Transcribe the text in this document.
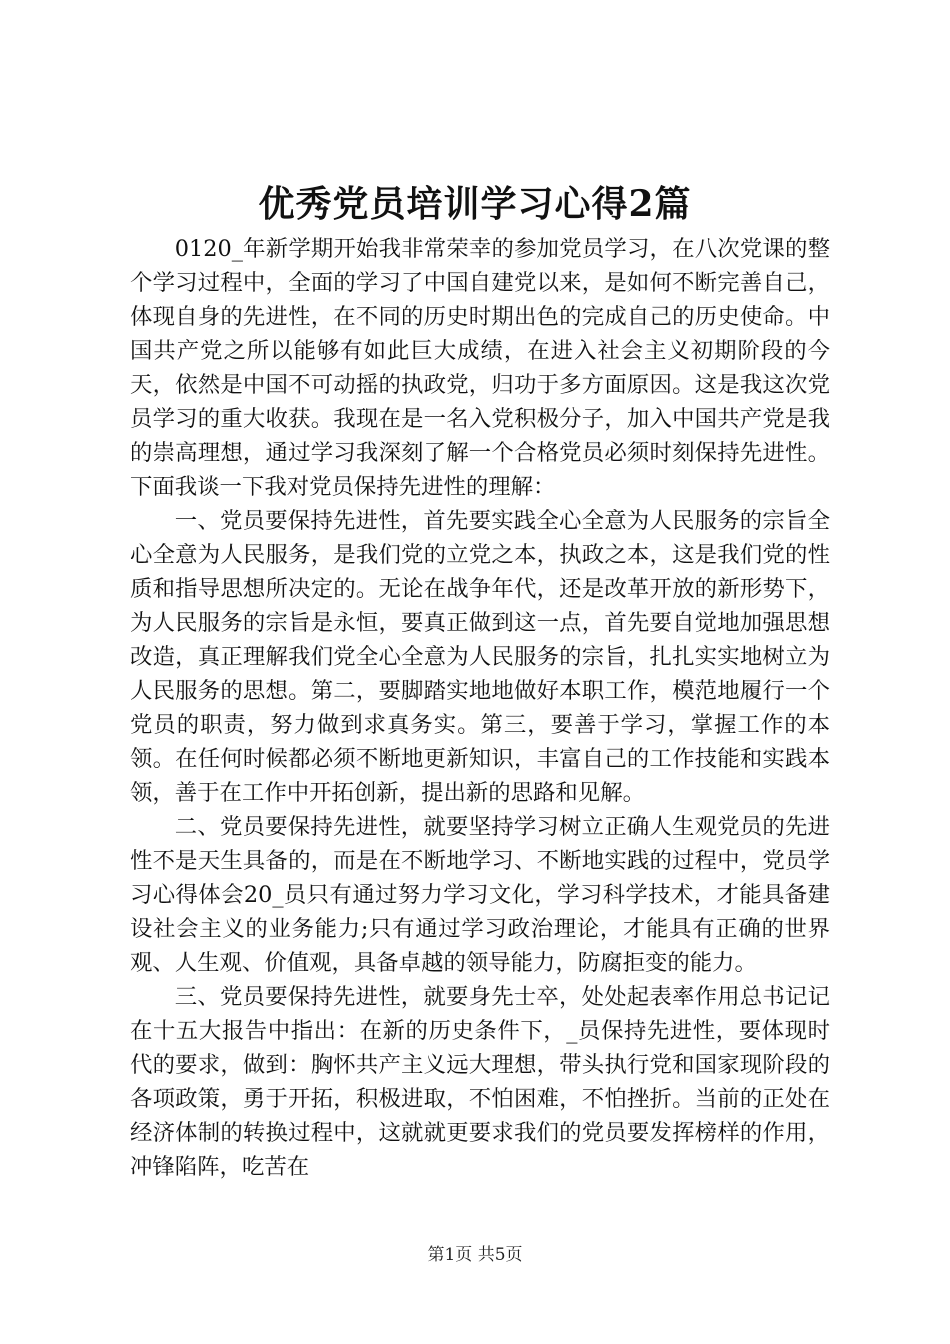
优秀党员培训学习心得2篇

0120_年新学期开始我非常荣幸的参加党员学习，在八次党课的整个学习过程中，全面的学习了中国自建党以来，是如何不断完善自己，体现自身的先进性，在不同的历史时期出色的完成自己的历史使命。中国共产党之所以能够有如此巨大成绩，在进入社会主义初期阶段的今天，依然是中国不可动摇的执政党，归功于多方面原因。这是我这次党员学习的重大收获。我现在是一名入党积极分子，加入中国共产党是我的崇高理想，通过学习我深刻了解一个合格党员必须时刻保持先进性。下面我谈一下我对党员保持先进性的理解：

一、党员要保持先进性，首先要实践全心全意为人民服务的宗旨全心全意为人民服务，是我们党的立党之本，执政之本，这是我们党的性质和指导思想所决定的。无论在战争年代，还是改革开放的新形势下，为人民服务的宗旨是永恒，要真正做到这一点，首先要自觉地加强思想改造，真正理解我们党全心全意为人民服务的宗旨，扎扎实实地树立为人民服务的思想。第二，要脚踏实地地做好本职工作，模范地履行一个党员的职责，努力做到求真务实。第三，要善于学习，掌握工作的本领。在任何时候都必须不断地更新知识，丰富自己的工作技能和实践本领，善于在工作中开拓创新，提出新的思路和见解。

二、党员要保持先进性，就要坚持学习树立正确人生观党员的先进性不是天生具备的，而是在不断地学习、不断地实践的过程中，党员学习心得体会20_员只有通过努力学习文化，学习科学技术，才能具备建设社会主义的业务能力;只有通过学习政治理论，才能具有正确的世界观、人生观、价值观，具备卓越的领导能力，防腐拒变的能力。

三、党员要保持先进性，就要身先士卒，处处起表率作用总书记记在十五大报告中指出：在新的历史条件下，_员保持先进性，要体现时代的要求，做到：胸怀共产主义远大理想，带头执行党和国家现阶段的各项政策，勇于开拓，积极进取，不怕困难，不怕挫折。当前的正处在经济体制的转换过程中，这就就更要求我们的党员要发挥榜样的作用，冲锋陷阵，吃苦在

第1页 共5页
